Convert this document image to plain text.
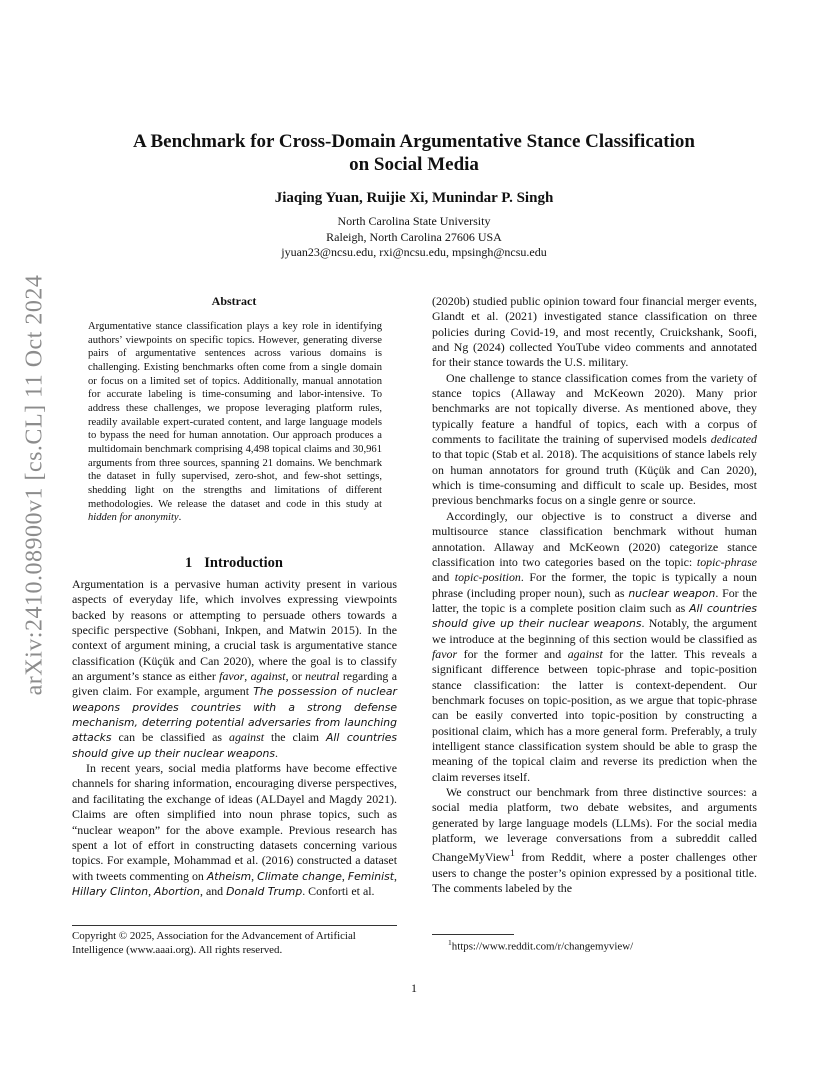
arXiv:2410.08900v1 [cs.CL] 11 Oct 2024
A Benchmark for Cross-Domain Argumentative Stance Classification
on Social Media
Jiaqing Yuan, Ruijie Xi, Munindar P. Singh
North Carolina State University
Raleigh, North Carolina 27606 USA
jyuan23@ncsu.edu, rxi@ncsu.edu, mpsingh@ncsu.edu
Abstract
Argumentative stance classification plays a key role in identifying authors’ viewpoints on specific topics. However, generating diverse pairs of argumentative sentences across various domains is challenging. Existing benchmarks often come from a single domain or focus on a limited set of topics. Additionally, manual annotation for accurate labeling is time-consuming and labor-intensive. To address these challenges, we propose leveraging platform rules, readily available expert-curated content, and large language models to bypass the need for human annotation. Our approach produces a multidomain benchmark comprising 4,498 topical claims and 30,961 arguments from three sources, spanning 21 domains. We benchmark the dataset in fully supervised, zero-shot, and few-shot settings, shedding light on the strengths and limitations of different methodologies. We release the dataset and code in this study at hidden for anonymity.
1 Introduction

Argumentation is a pervasive human activity present in various aspects of everyday life, which involves expressing viewpoints backed by reasons or attempting to persuade others towards a specific perspective (Sobhani, Inkpen, and Matwin 2015). In the context of argument mining, a crucial task is argumentative stance classification (Küçük and Can 2020), where the goal is to classify an argument’s stance as either favor, against, or neutral regarding a given claim. For example, argument The possession of nuclear weapons provides countries with a strong defense mechanism, deterring potential adversaries from launching attacks can be classified as against the claim All countries should give up their nuclear weapons.

In recent years, social media platforms have become effective channels for sharing information, encouraging diverse perspectives, and facilitating the exchange of ideas (ALDayel and Magdy 2021). Claims are often simplified into noun phrase topics, such as “nuclear weapon” for the above example. Previous research has spent a lot of effort in constructing datasets concerning various topics. For example, Mohammad et al. (2016) constructed a dataset with tweets commenting on Atheism, Climate change, Feminist, Hillary Clinton, Abortion, and Donald Trump. Conforti et al.

(2020b) studied public opinion toward four financial merger events, Glandt et al. (2021) investigated stance classification on three policies during Covid-19, and most recently, Cruickshank, Soofi, and Ng (2024) collected YouTube video comments and annotated for their stance towards the U.S. military.

One challenge to stance classification comes from the variety of stance topics (Allaway and McKeown 2020). Many prior benchmarks are not topically diverse. As mentioned above, they typically feature a handful of topics, each with a corpus of comments to facilitate the training of supervised models dedicated to that topic (Stab et al. 2018). The acquisitions of stance labels rely on human annotators for ground truth (Küçük and Can 2020), which is time-consuming and difficult to scale up. Besides, most previous benchmarks focus on a single genre or source.

Accordingly, our objective is to construct a diverse and multisource stance classification benchmark without human annotation. Allaway and McKeown (2020) categorize stance classification into two categories based on the topic: topic-phrase and topic-position. For the former, the topic is typically a noun phrase (including proper noun), such as nuclear weapon. For the latter, the topic is a complete position claim such as All countries should give up their nuclear weapons. Notably, the argument we introduce at the beginning of this section would be classified as favor for the former and against for the latter. This reveals a significant difference between topic-phrase and topic-position stance classification: the latter is context-dependent. Our benchmark focuses on topic-position, as we argue that topic-phrase can be easily converted into topic-position by constructing a positional claim, which has a more general form. Preferably, a truly intelligent stance classification system should be able to grasp the meaning of the topical claim and reverse its prediction when the claim reverses itself.

We construct our benchmark from three distinctive sources: a social media platform, two debate websites, and arguments generated by large language models (LLMs). For the social media platform, we leverage conversations from a subreddit called ChangeMyView$^1$ from Reddit, where a poster challenges other users to change the poster’s opinion expressed by a positional title. The comments labeled by the

Copyright © 2025, Association for the Advancement of Artificial
Intelligence (www.aaai.org). All rights reserved.
$^1$https://www.reddit.com/r/changemyview/
1
